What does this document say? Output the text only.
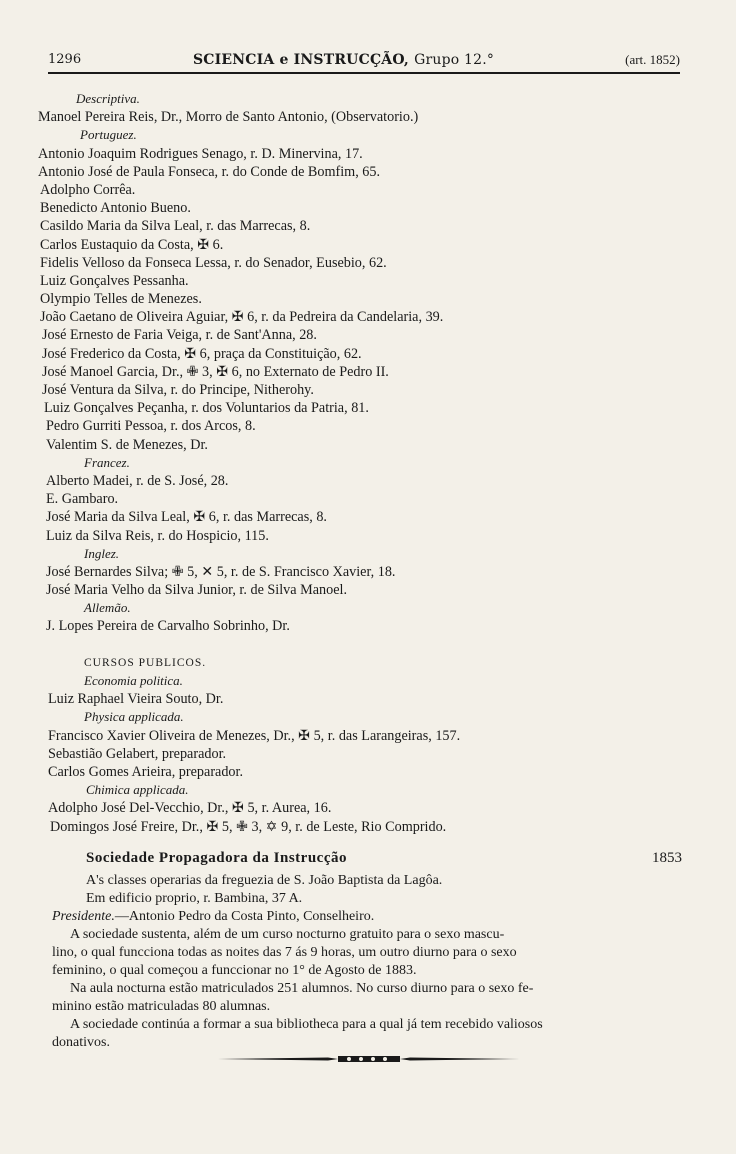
1296	SCIENCIA e INSTRUCÇÃO, Grupo 12.°	(art. 1852)
Descriptiva.
Manoel Pereira Reis, Dr., Morro de Santo Antonio, (Observatorio.)
Portuguez.
Antonio Joaquim Rodrigues Senago, r. D. Minervina, 17.
Antonio José de Paula Fonseca, r. do Conde de Bomfim, 65.
Adolpho Corrêa.
Benedicto Antonio Bueno.
Casildo Maria da Silva Leal, r. das Marrecas, 8.
Carlos Eustaquio da Costa, ✠ 6.
Fidelis Velloso da Fonseca Lessa, r. do Senador, Eusebio, 62.
Luiz Gonçalves Pessanha.
Olympio Telles de Menezes.
João Caetano de Oliveira Aguiar, ✠ 6, r. da Pedreira da Candelaria, 39.
José Ernesto de Faria Veiga, r. de Sant'Anna, 28.
José Frederico da Costa, ✠ 6, praça da Constituição, 62.
José Manoel Garcia, Dr., ✙ 3, ✠ 6, no Externato de Pedro II.
José Ventura da Silva, r. do Principe, Nitherohy.
Luiz Gonçalves Peçanha, r. dos Voluntarios da Patria, 81.
Pedro Gurriti Pessoa, r. dos Arcos, 8.
Valentim S. de Menezes, Dr.
Francez.
Alberto Madei, r. de S. José, 28.
E. Gambaro.
José Maria da Silva Leal, ✠ 6, r. das Marrecas, 8.
Luiz da Silva Reis, r. do Hospicio, 115.
Inglez.
José Bernardes Silva; ✙ 5, ✕ 5, r. de S. Francisco Xavier, 18.
José Maria Velho da Silva Junior, r. de Silva Manoel.
Allemão.
J. Lopes Pereira de Carvalho Sobrinho, Dr.
CURSOS PUBLICOS.
Economia politica.
Luiz Raphael Vieira Souto, Dr.
Physica applicada.
Francisco Xavier Oliveira de Menezes, Dr., ✠ 5, r. das Larangeiras, 157.
Sebastião Gelabert, preparador.
Carlos Gomes Arieira, preparador.
Chimica applicada.
Adolpho José Del-Vecchio, Dr., ✠ 5, r. Aurea, 16.
Domingos José Freire, Dr., ✠ 5, ✙ 3, ✡ 9, r. de Leste, Rio Comprido.
Sociedade Propagadora da Instrucção	1853
A's classes operarias da freguezia de S. João Baptista da Lagôa.
Em edificio proprio, r. Bambina, 37 A.
Presidente.—Antonio Pedro da Costa Pinto, Conselheiro.
A sociedade sustenta, além de um curso nocturno gratuito para o sexo mascu-
lino, o qual funcciona todas as noites das 7 ás 9 horas, um outro diurno para o sexo
feminino, o qual começou a funccionar no 1° de Agosto de 1883.
Na aula nocturna estão matriculados 251 alumnos. No curso diurno para o sexo fe-
minino estão matriculadas 80 alumnas.
A sociedade continúa a formar a sua bibliotheca para a qual já tem recebido valiosos
donativos.
